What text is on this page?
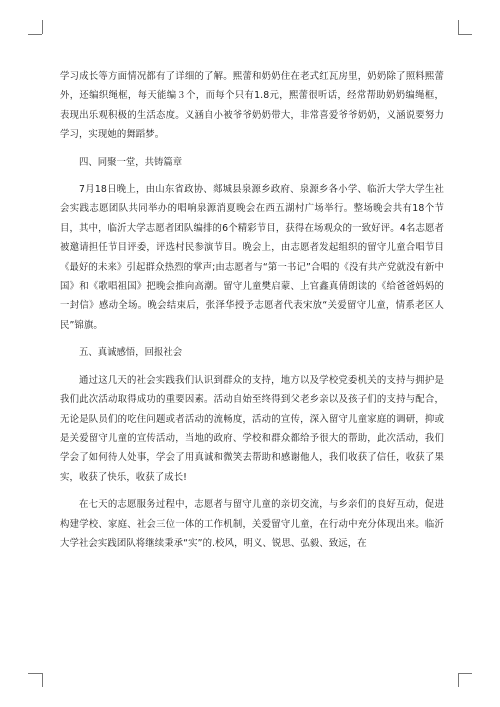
学习成长等方面情况都有了详细的了解。熙蕾和奶奶住在老式红瓦房里，奶奶除了照料熙蕾外，还编织绳框，每天能编３个，而每个只有1.8元，熙蕾很听话，经常帮助奶奶编绳框，表现出乐观积极的生活态度。义涵自小被爷爷奶奶带大，非常喜爱爷爷奶奶，义涵说要努力学习，实现她的舞蹈梦。

四、同聚一堂，共铸篇章

7月18日晚上，由山东省政协、郯城县泉源乡政府、泉源乡各小学、临沂大学大学生社会实践志愿团队共同举办的唱响泉源消夏晚会在西五湖村广场举行。整场晚会共有18个节目，其中，临沂大学志愿者团队编排的6个精彩节目，获得在场观众的一致好评。4名志愿者被邀请担任节目评委，评选村民参演节目。晚会上，由志愿者发起组织的留守儿童合唱节目《最好的未来》引起群众热烈的掌声;由志愿者与“第一书记”合唱的《没有共产党就没有新中国》和《歌唱祖国》把晚会推向高潮。留守儿童樊启蒙、上官鑫真倩朗读的《给爸爸妈妈的一封信》感动全场。晚会结束后，张泽华授予志愿者代表宋放“关爱留守儿童，情系老区人民”锦旗。

五、真诚感悟，回报社会

通过这几天的社会实践我们认识到群众的支持，地方以及学校党委机关的支持与拥护是我们此次活动取得成功的重要因素。活动自始至终得到父老乡亲以及孩子们的支持与配合，无论是队员们的吃住问题或者活动的流畅度，活动的宣传，深入留守儿童家庭的调研，抑或是关爱留守儿童的宣传活动，当地的政府、学校和群众都给予很大的帮助，此次活动，我们学会了如何待人处事，学会了用真诚和微笑去帮助和感谢他人，我们收获了信任，收获了果实，收获了快乐，收获了成长!

在七天的志愿服务过程中，志愿者与留守儿童的亲切交流，与乡亲们的良好互动，促进构建学校、家庭、社会三位一体的工作机制，关爱留守儿童，在行动中充分体现出来。临沂大学社会实践团队将继续秉承“实”的.校风，明义、锐思、弘毅、致远，在
